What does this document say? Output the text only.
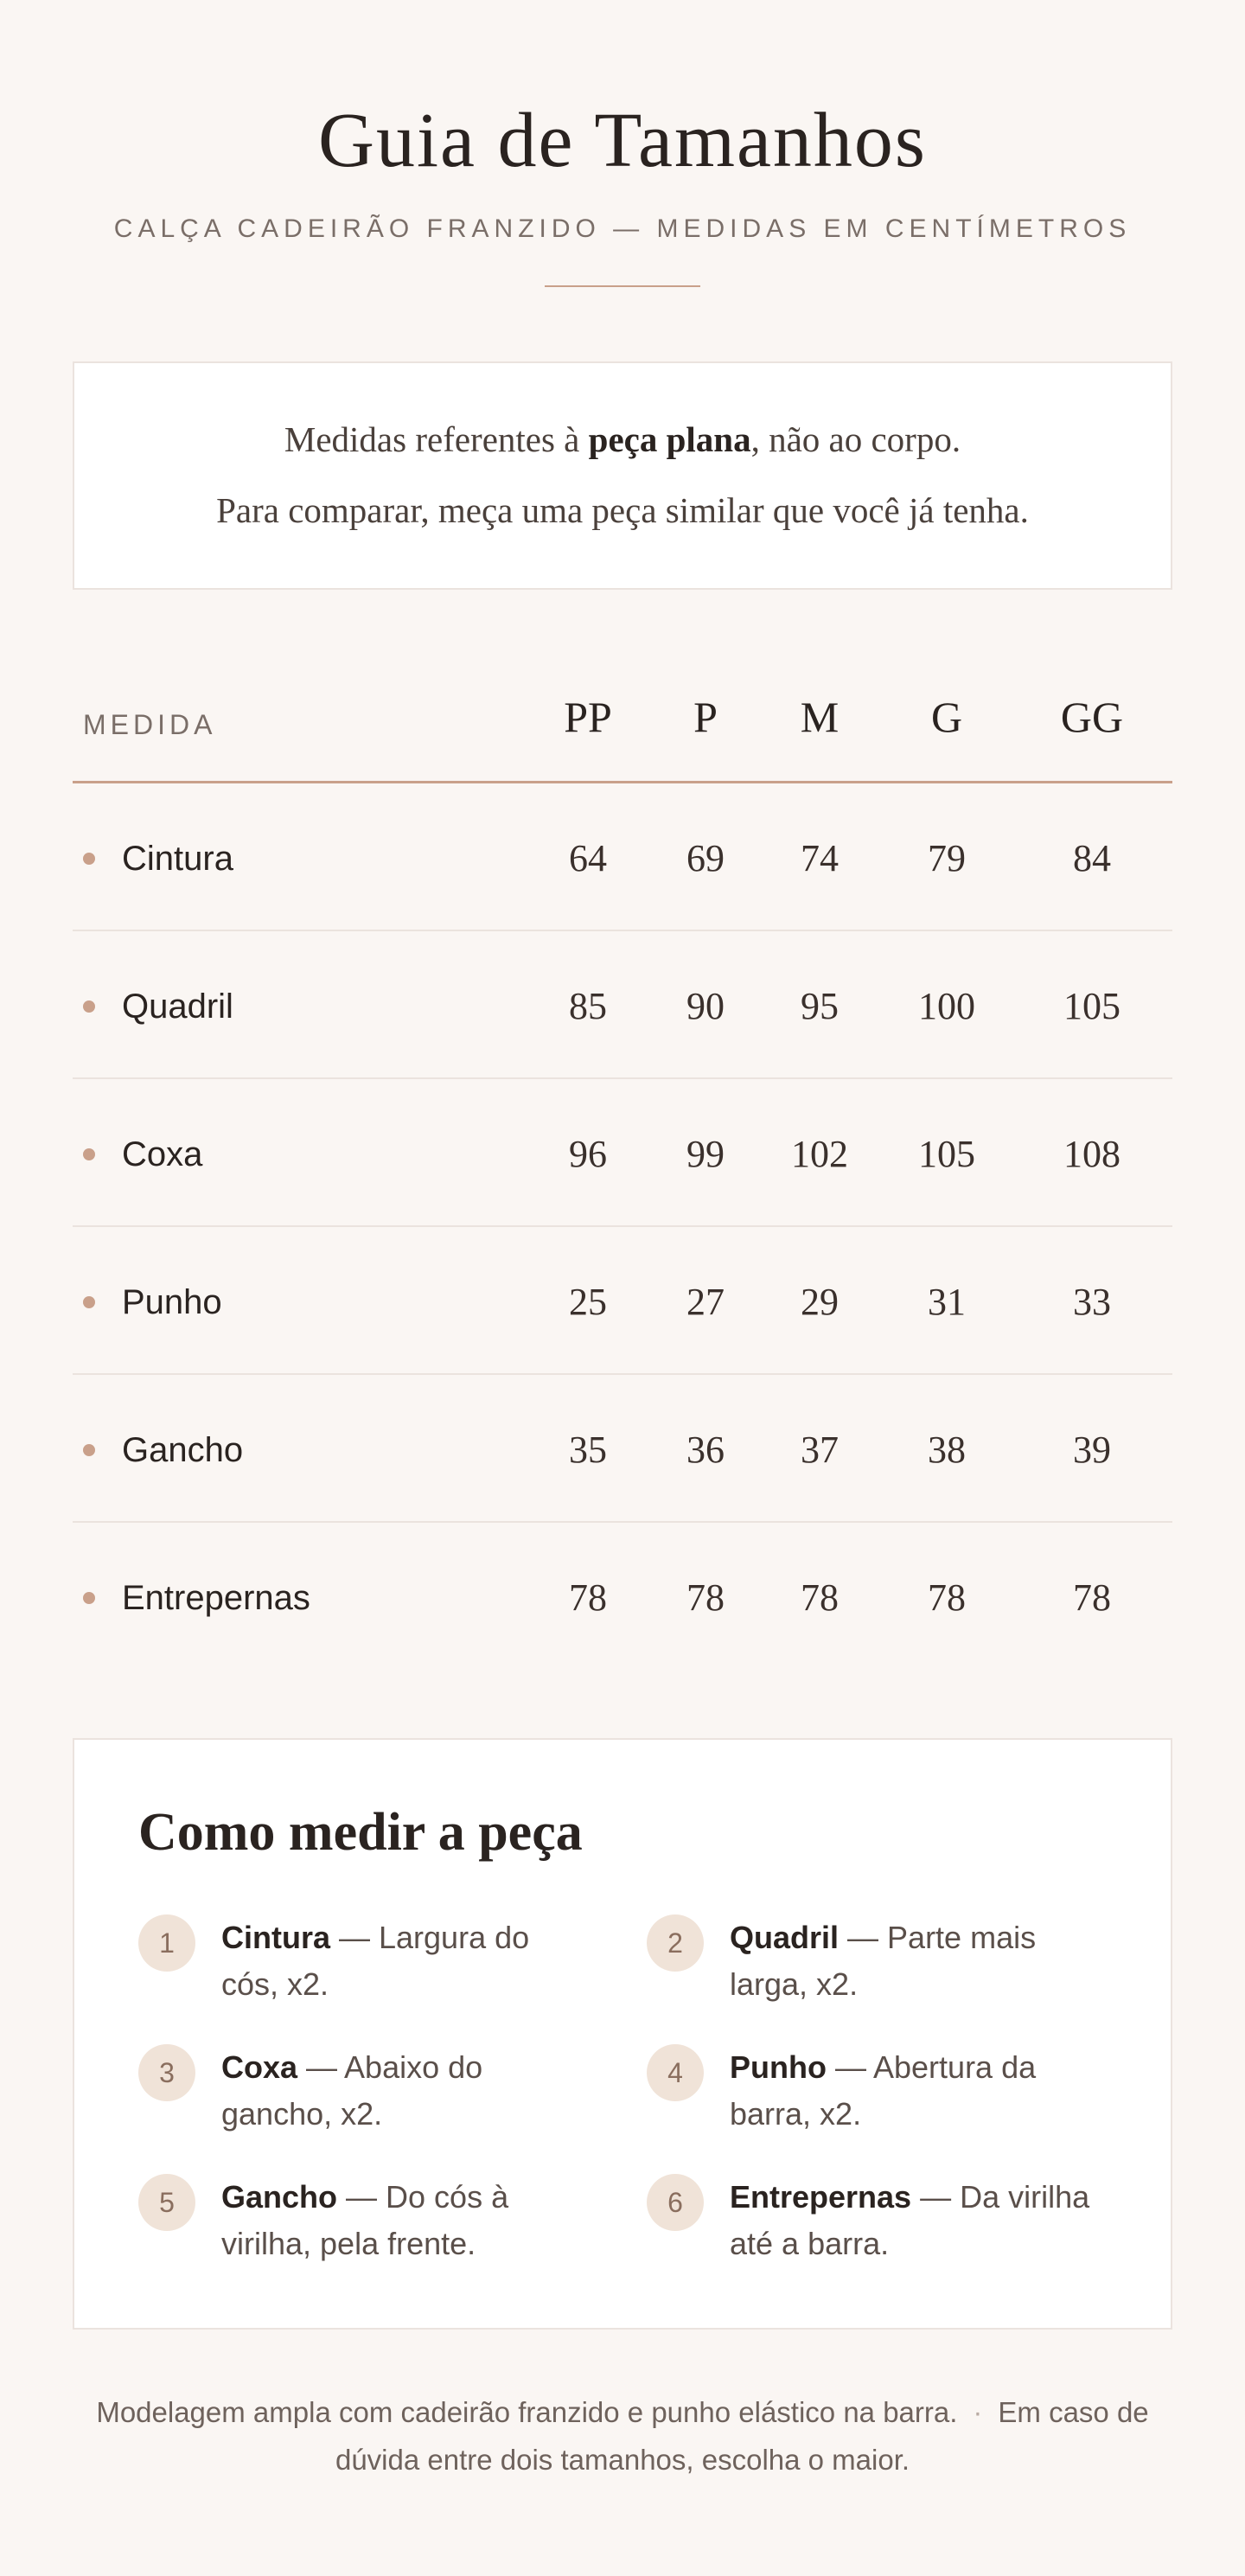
Guia de Tamanhos
CALÇA CADEIRÃO FRANZIDO — MEDIDAS EM CENTÍMETROS
Medidas referentes à peça plana, não ao corpo.
Para comparar, meça uma peça similar que você já tenha.
MEDIDA	PP	P	M	G	GG
Cintura	64	69	74	79	84
Quadril	85	90	95	100	105
Coxa	96	99	102	105	108
Punho	25	27	29	31	33
Gancho	35	36	37	38	39
Entrepernas	78	78	78	78	78
Como medir a peça
1	Cintura — Largura do cós, x2.

2	Quadril — Parte mais larga, x2.

3	Coxa — Abaixo do gancho, x2.

4	Punho — Abertura da barra, x2.

5	Gancho — Do cós à virilha, pela frente.

6	Entrepernas — Da virilha até a barra.

Modelagem ampla com cadeirão franzido e punho elástico na barra. · Em caso de dúvida entre dois tamanhos, escolha o maior.
